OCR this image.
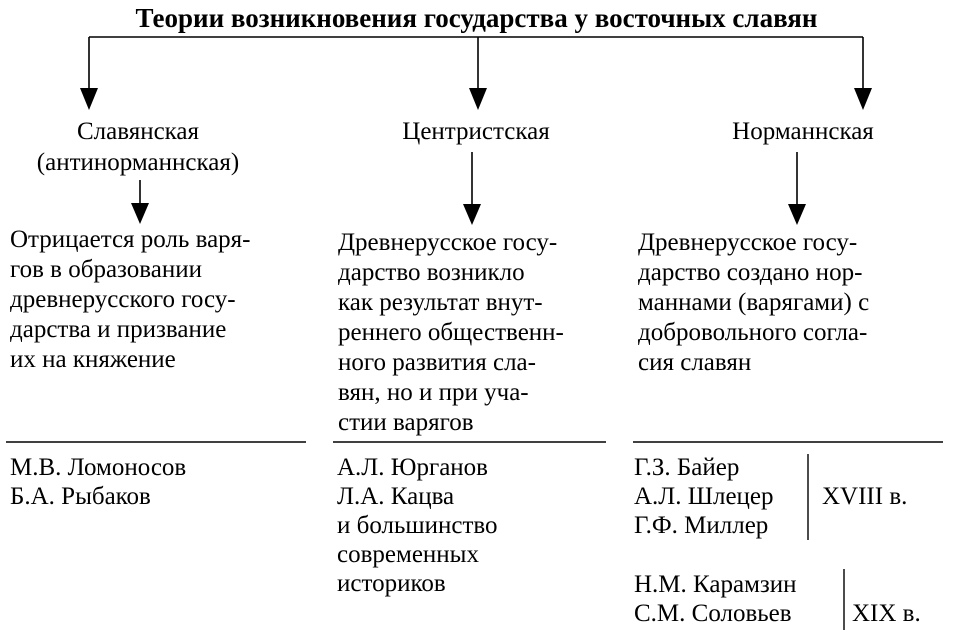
Теории возникновения государства у восточных славян
Славянская
(антинорманнская)
Отрицается роль варя-
гов в образовании
древнерусского госу-
дарства и призвание
их на княжение
М.В. Ломоносов
Б.А. Рыбаков
Центристская
Древнерусское госу-
дарство возникло
как результат внут-
реннего общественн-
ного развития сла-
вян, но и при уча-
стии варягов
А.Л. Юрганов
Л.А. Кацва
и большинство
современных
историков
Норманнская
Древнерусское госу-
дарство создано нор-
маннами (варягами) с
добровольного согла-
сия славян
Г.З. Байер
А.Л. Шлецер
Г.Ф. Миллер
XVIII в.
Н.М. Карамзин
С.М. Соловьев XIX в.
